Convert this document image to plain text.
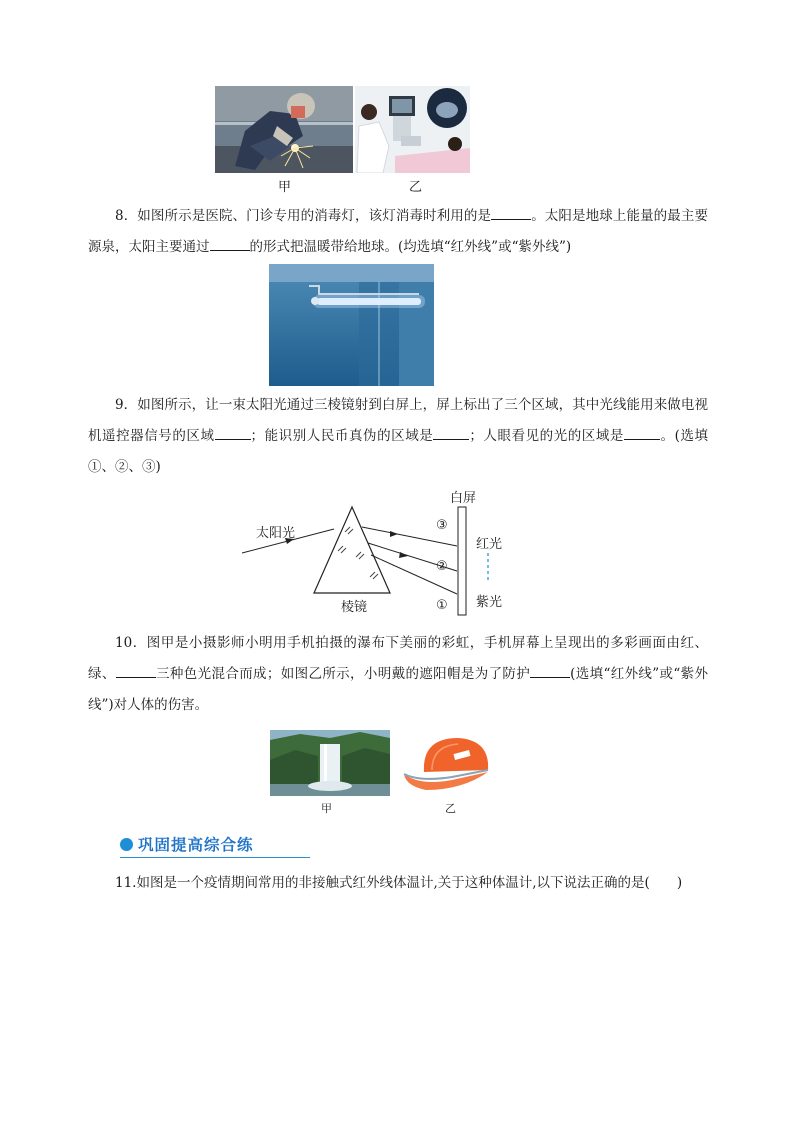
甲	乙

8．如图所示是医院、门诊专用的消毒灯，该灯消毒时利用的是	。太阳是地球上能量的最主要源泉，太阳主要通过	的形式把温暖带给地球。(均选填“红外线”或“紫外线”)

9．如图所示，让一束太阳光通过三棱镜射到白屏上，屏上标出了三个区域，其中光线能用来做电视机遥控器信号的区域	；能识别人民币真伪的区域是	；人眼看见的光的区域是	。(选填①、②、③)

白屏
太阳光
棱镜
红光
紫光
③
②
①

10．图甲是小摄影师小明用手机拍摄的瀑布下美丽的彩虹，手机屏幕上呈现出的多彩画面由红、绿、	三种色光混合而成；如图乙所示，小明戴的遮阳帽是为了防护	(选填“红外线”或“紫外线”)对人体的伤害。

甲	乙
巩固提高综合练

11.如图是一个疫情期间常用的非接触式红外线体温计,关于这种体温计,以下说法正确的是(　　)
